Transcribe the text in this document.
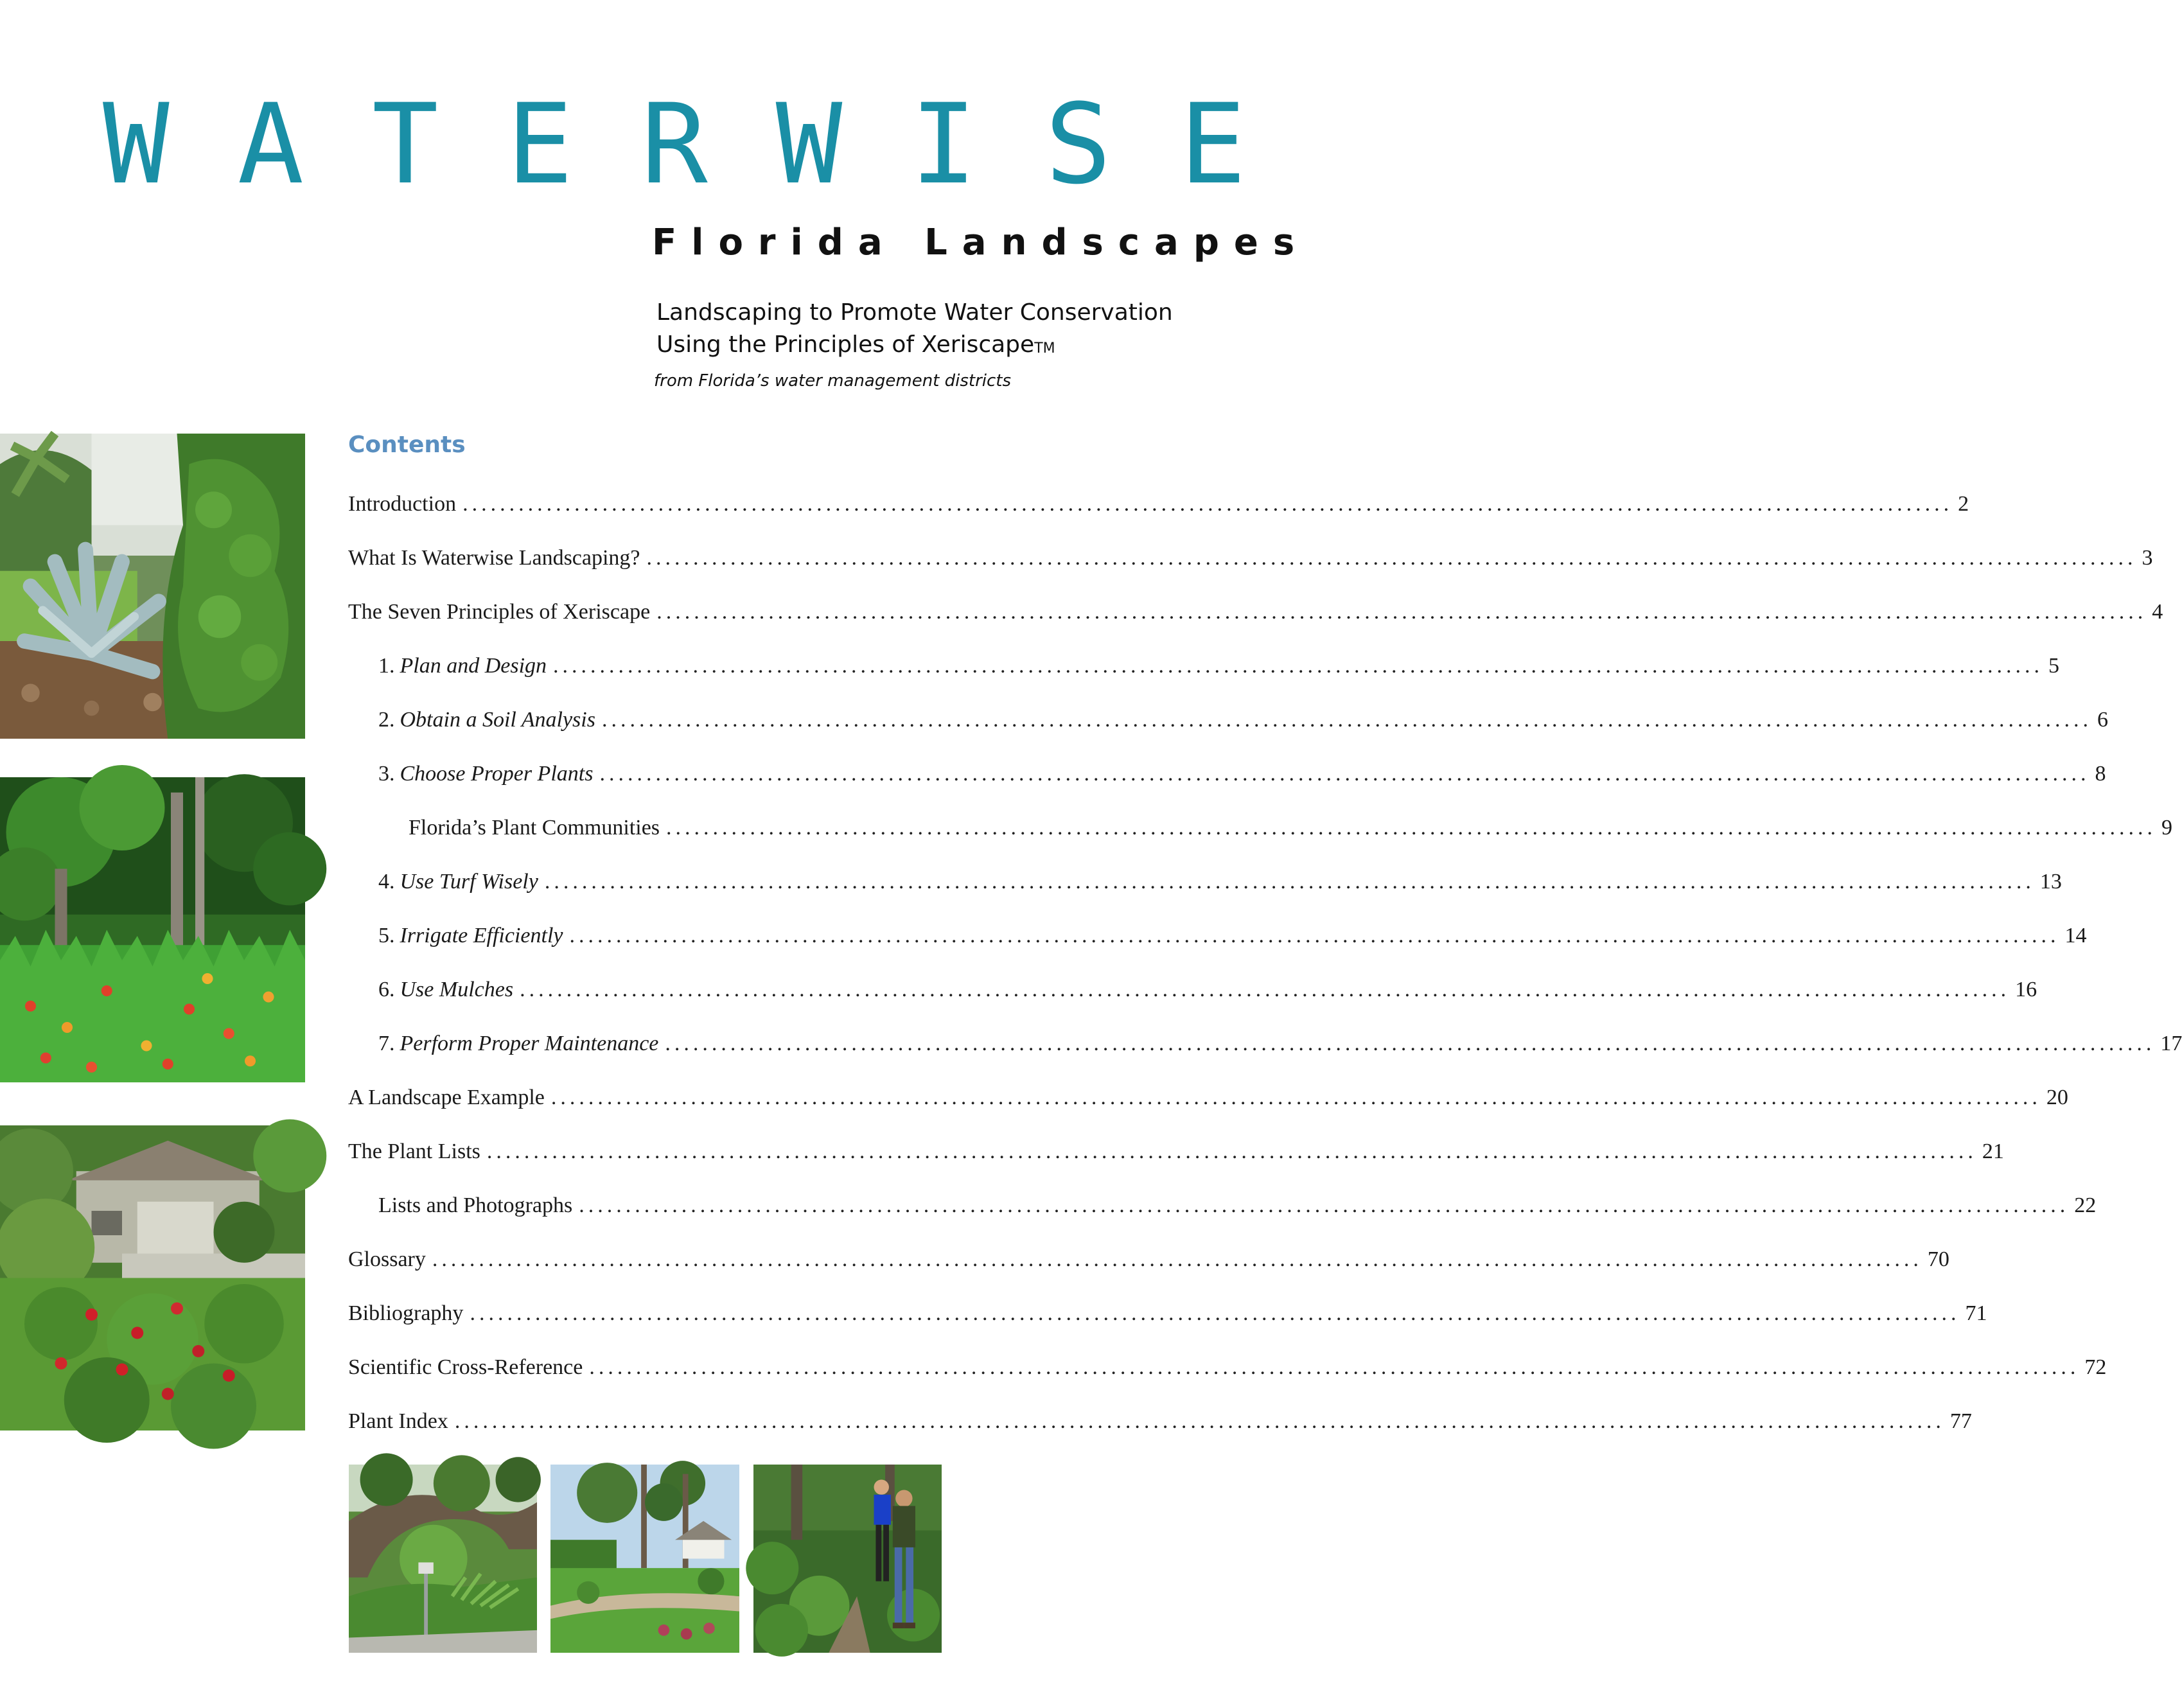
W A T E R W I S E
Florida Landscapes
Landscaping to Promote Water Conservation
Using the Principles of Xeriscape™
from Florida’s water management districts
Contents
Introduction ................................................................................................................................................................ 2
What Is Waterwise Landscaping? ................................................................................................................................................................ 3
The Seven Principles of Xeriscape ................................................................................................................................................................ 4
1. Plan and Design ................................................................................................................................................................ 5
2. Obtain a Soil Analysis ................................................................................................................................................................ 6
3. Choose Proper Plants ................................................................................................................................................................ 8
Florida’s Plant Communities ................................................................................................................................................................ 9
4. Use Turf Wisely ................................................................................................................................................................ 13
5. Irrigate Efficiently ................................................................................................................................................................ 14
6. Use Mulches ................................................................................................................................................................ 16
7. Perform Proper Maintenance ................................................................................................................................................................ 17
A Landscape Example ................................................................................................................................................................ 20
The Plant Lists ................................................................................................................................................................ 21
Lists and Photographs ................................................................................................................................................................ 22
Glossary ................................................................................................................................................................ 70
Bibliography ................................................................................................................................................................ 71
Scientific Cross-Reference ................................................................................................................................................................ 72
Plant Index ................................................................................................................................................................ 77
